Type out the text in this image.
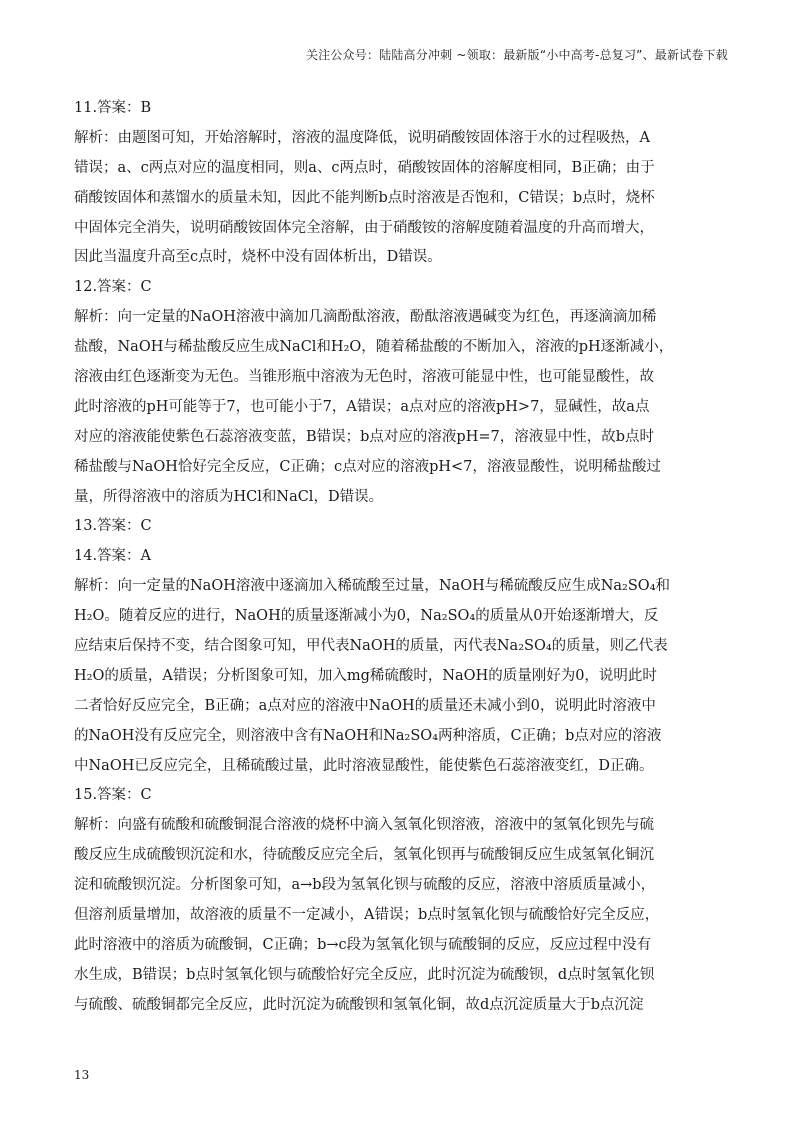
关注公众号：陆陆高分冲刺 ~领取：最新版“小中高考-总复习”、最新试卷下载
11.答案：B
解析：由题图可知，开始溶解时，溶液的温度降低，说明硝酸铵固体溶于水的过程吸热，A
错误；a、c两点对应的温度相同，则a、c两点时，硝酸铵固体的溶解度相同，B正确；由于
硝酸铵固体和蒸馏水的质量未知，因此不能判断b点时溶液是否饱和，C错误；b点时，烧杯
中固体完全消失，说明硝酸铵固体完全溶解，由于硝酸铵的溶解度随着温度的升高而增大，
因此当温度升高至c点时，烧杯中没有固体析出，D错误。
12.答案：C
解析：向一定量的NaOH溶液中滴加几滴酚酞溶液，酚酞溶液遇碱变为红色，再逐滴滴加稀
盐酸，NaOH与稀盐酸反应生成NaCl和H₂O，随着稀盐酸的不断加入，溶液的pH逐渐减小，
溶液由红色逐渐变为无色。当锥形瓶中溶液为无色时，溶液可能显中性，也可能显酸性，故
此时溶液的pH可能等于7，也可能小于7，A错误；a点对应的溶液pH>7，显碱性，故a点
对应的溶液能使紫色石蕊溶液变蓝，B错误；b点对应的溶液pH=7，溶液显中性，故b点时
稀盐酸与NaOH恰好完全反应，C正确；c点对应的溶液pH<7，溶液显酸性，说明稀盐酸过
量，所得溶液中的溶质为HCl和NaCl，D错误。
13.答案：C
14.答案：A
解析：向一定量的NaOH溶液中逐滴加入稀硫酸至过量，NaOH与稀硫酸反应生成Na₂SO₄和
H₂O。随着反应的进行，NaOH的质量逐渐减小为0，Na₂SO₄的质量从0开始逐渐增大，反
应结束后保持不变，结合图象可知，甲代表NaOH的质量，丙代表Na₂SO₄的质量，则乙代表
H₂O的质量，A错误；分析图象可知，加入mg稀硫酸时，NaOH的质量刚好为0，说明此时
二者恰好反应完全，B正确；a点对应的溶液中NaOH的质量还未减小到0，说明此时溶液中
的NaOH没有反应完全，则溶液中含有NaOH和Na₂SO₄两种溶质，C正确；b点对应的溶液
中NaOH已反应完全，且稀硫酸过量，此时溶液显酸性，能使紫色石蕊溶液变红，D正确。
15.答案：C
解析：向盛有硫酸和硫酸铜混合溶液的烧杯中滴入氢氧化钡溶液，溶液中的氢氧化钡先与硫
酸反应生成硫酸钡沉淀和水，待硫酸反应完全后，氢氧化钡再与硫酸铜反应生成氢氧化铜沉
淀和硫酸钡沉淀。分析图象可知，a→b段为氢氧化钡与硫酸的反应，溶液中溶质质量减小，
但溶剂质量增加，故溶液的质量不一定减小，A错误；b点时氢氧化钡与硫酸恰好完全反应，
此时溶液中的溶质为硫酸铜，C正确；b→c段为氢氧化钡与硫酸铜的反应，反应过程中没有
水生成，B错误；b点时氢氧化钡与硫酸恰好完全反应，此时沉淀为硫酸钡，d点时氢氧化钡
与硫酸、硫酸铜都完全反应，此时沉淀为硫酸钡和氢氧化铜，故d点沉淀质量大于b点沉淀
13
